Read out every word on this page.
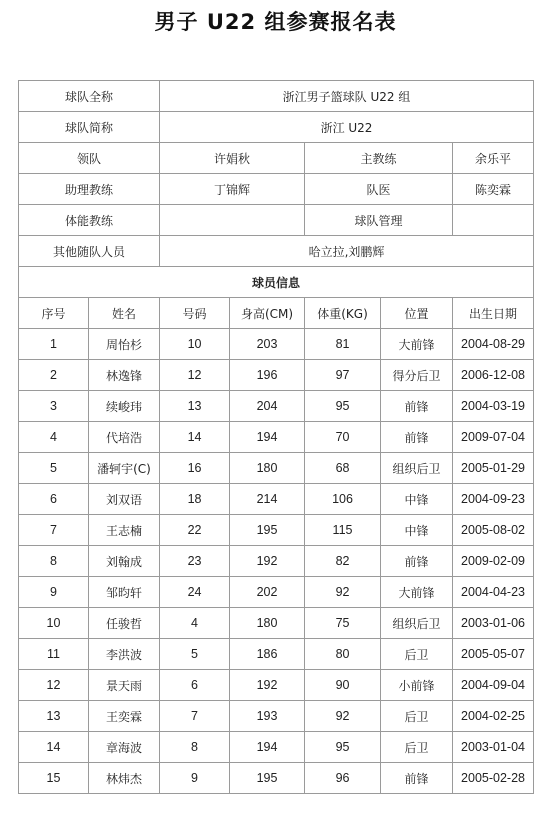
男子 U22 组参赛报名表
球队全称		浙江男子篮球队 U22 组				
球队简称		浙江 U22				
领队		许娟秋		主教练		余乐平
助理教练		丁锦辉		队医		陈奕霖
体能教练				球队管理		
其他随队人员		哈立拉,刘鹏辉				
球员信息						
序号	姓名	号码	身高(CM)	体重(KG)	位置	出生日期
1	周怡杉	10	203	81	大前锋	2004-08-29
2	林逸锋	12	196	97	得分后卫	2006-12-08
3	续峻玮	13	204	95	前锋	2004-03-19
4	代培浩	14	194	70	前锋	2009-07-04
5	潘轲宇(C)	16	180	68	组织后卫	2005-01-29
6	刘双语	18	214	106	中锋	2004-09-23
7	王志楠	22	195	115	中锋	2005-08-02
8	刘翰成	23	192	82	前锋	2009-02-09
9	邹昀轩	24	202	92	大前锋	2004-04-23
10	任骏哲	4	180	75	组织后卫	2003-01-06
11	李洪波	5	186	80	后卫	2005-05-07
12	景天雨	6	192	90	小前锋	2004-09-04
13	王奕霖	7	193	92	后卫	2004-02-25
14	章海波	8	194	95	后卫	2003-01-04
15	林炜杰	9	195	96	前锋	2005-02-28
